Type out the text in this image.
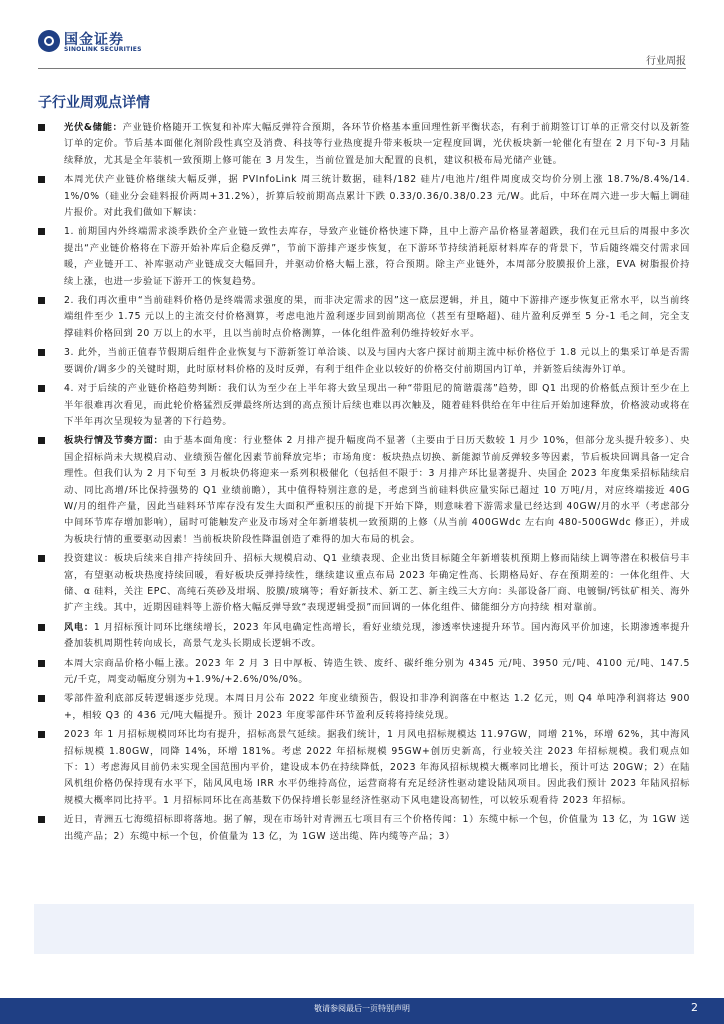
国金证券
SINOLINK SECURITIES
行业周报
子行业周观点详情
光伏&储能：产业链价格随开工恢复和补库大幅反弹符合预期，各环节价格基本重回理性新平衡状态，有利于前期签订订单的正常交付以及新签订单的定价。节后基本面催化剂阶段性真空及消费、科技等行业热度提升带来板块一定程度回调，光伏板块新一轮催化有望在 2 月下旬-3 月陆续释放，尤其是全年装机一致预期上修可能在 3 月发生，当前位置是加大配置的良机，建议积极布局光储产业链。
本周光伏产业链价格继续大幅反弹，据 PVInfoLink 周三统计数据，硅料/182 硅片/电池片/组件周度成交均价分别上涨 18.7%/8.4%/14.1%/0%（硅业分会硅料报价两周+31.2%），折算后较前期高点累计下跌 0.33/0.36/0.38/0.23 元/W。此后，中环在周六进一步大幅上调硅片报价。对此我们做如下解读：
1. 前期国内外终端需求淡季跌价全产业链一致性去库存，导致产业链价格快速下降，且中上游产品价格显著超跌，我们在元旦后的周报中多次提出“产业链价格将在下游开始补库后企稳反弹”，节前下游排产逐步恢复，在下游环节持续消耗原材料库存的背景下，节后随终端交付需求回暖，产业链开工、补库驱动产业链成交大幅回升，并驱动价格大幅上涨，符合预期。除主产业链外，本周部分胶膜报价上涨，EVA 树脂报价持续上涨，也进一步验证下游开工的恢复趋势。
2. 我们再次重申“当前硅料价格仍是终端需求强度的果，而非决定需求的因”这一底层逻辑，并且，随中下游排产逐步恢复正常水平，以当前终端组件至少 1.75 元以上的主流交付价格测算，考虑电池片盈利逐步回到前期高位（甚至有望略超)、硅片盈利反弹至 5 分-1 毛之间，完全支撑硅料价格回到 20 万以上的水平，且以当前时点价格测算，一体化组件盈利仍维持较好水平。
3. 此外，当前正值春节假期后组件企业恢复与下游新签订单洽谈、以及与国内大客户探讨前期主流中标价格位于 1.8 元以上的集采订单是否需要调价/调多少的关键时期，此时原材料价格的及时反弹，有利于组件企业以较好的价格交付前期国内订单，并新签后续海外订单。
4. 对于后续的产业链价格趋势判断：我们认为至少在上半年将大致呈现出一种“带阻尼的简谐震荡”趋势，即 Q1 出现的价格低点预计至少在上半年很难再次看见，而此轮价格猛烈反弹最终所达到的高点预计后续也难以再次触及，随着硅料供给在年中往后开始加速释放，价格波动或将在下半年再次呈现较为显著的下行趋势。
板块行情及节奏方面：由于基本面角度：行业整体 2 月排产提升幅度尚不显著（主要由于日历天数较 1 月少 10%，但部分龙头提升较多）、央国企招标尚未大规模启动、业绩预告催化因素节前释放完毕；市场角度：板块热点切换、新能源节前反弹较多等因素，节后板块回调具备一定合理性。但我们认为 2 月下旬至 3 月板块仍将迎来一系列积极催化（包括但不限于：3 月排产环比显著提升、央国企 2023 年度集采招标陆续启动、同比高增/环比保持强势的 Q1 业绩前瞻），其中值得特别注意的是，考虑到当前硅料供应量实际已超过 10 万吨/月，对应终端接近 40GW/月的组件产量，因此当硅料环节库存没有发生大面积严重积压的前提下开始下降，则意味着下游需求量已经达到 40GW/月的水平（考虑部分中间环节库存增加影响），届时可能触发产业及市场对全年新增装机一致预期的上修（从当前 400GWdc 左右向 480-500GWdc 修正），并成为板块行情的重要驱动因素！当前板块阶段性降温创造了难得的加大布局的机会。
投资建议：板块后续来自排产持续回升、招标大规模启动、Q1 业绩表现、企业出货目标随全年新增装机预期上修而陆续上调等潜在积极信号丰富，有望驱动板块热度持续回暖，看好板块反弹持续性，继续建议重点布局 2023 年确定性高、长期格局好、存在预期差的：一体化组件、大储、α 硅料，关注 EPC、高纯石英砂及坩埚、胶膜/玻璃等；看好新技术、新工艺、新主线三大方向：头部设备厂商、电镀铜/钙钛矿相关、海外扩产主线。其中，近期因硅料等上游价格大幅反弹导致“表现逻辑受损”而回调的一体化组件、储能细分方向持续 相对靠前。
风电：1 月招标预计同环比继续增长，2023 年风电确定性高增长，看好业绩兑现，渗透率快速提升环节。国内海风平价加速，长期渗透率提升叠加装机周期性转向成长，高景气龙头长期成长逻辑不改。
本周大宗商品价格小幅上涨。2023 年 2 月 3 日中厚板、铸造生铁、废纤、碳纤维分别为 4345 元/吨、3950 元/吨、4100 元/吨、147.5 元/千克，周变动幅度分别为+1.9%/+2.6%/0%/0%。
零部件盈利底部反转逻辑逐步兑现。本周日月公布 2022 年度业绩预告，假设扣非净利润落在中枢达 1.2 亿元，则 Q4 单吨净利润将达 900+，相较 Q3 的 436 元/吨大幅提升。预计 2023 年度零部件环节盈利反转将持续兑现。
2023 年 1 月招标规模同环比均有提升，招标高景气延续。据我们统计，1 月风电招标规模达 11.97GW，同增 21%，环增 62%，其中海风招标规模 1.80GW，同降 14%，环增 181%。考虑 2022 年招标规模 95GW+创历史新高，行业较关注 2023 年招标规模。我们观点如下：1）考虑海风目前仍未实现全国范围内平价，建设成本仍在持续降低，2023 年海风招标规模大概率同比增长，预计可达 20GW；2）在陆风机组价格仍保持现有水平下，陆风风电场 IRR 水平仍维持高位，运营商将有充足经济性驱动建设陆风项目。因此我们预计 2023 年陆风招标规模大概率同比持平。1 月招标同环比在高基数下仍保持增长彰显经济性驱动下风电建设高韧性，可以较乐观看待 2023 年招标。
近日，青洲五七海缆招标即将落地。据了解，现在市场针对青洲五七项目有三个价格传闻：1）东缆中标一个包，价值量为 13 亿，为 1GW 送出缆产品；2）东缆中标一个包，价值量为 13 亿，为 1GW 送出缆、阵内缆等产品；3）
敬请参阅最后一页特别声明	2
